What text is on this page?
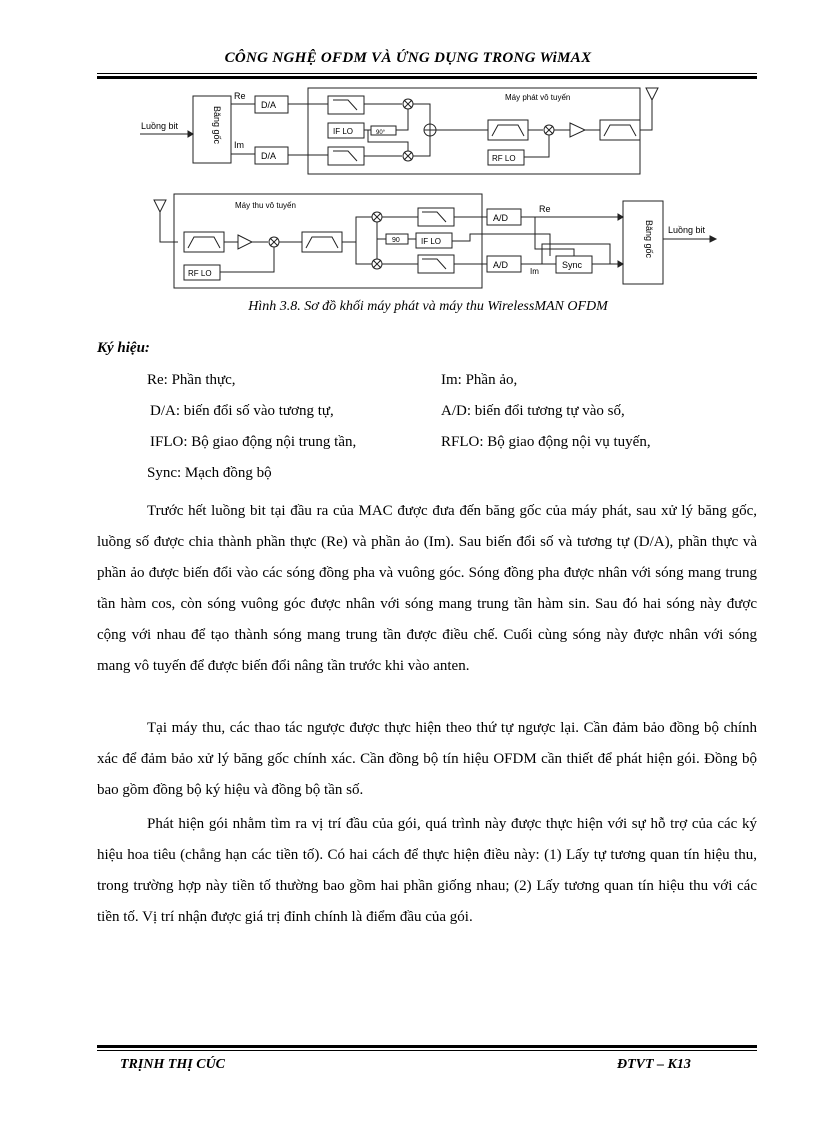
CÔNG NGHỆ OFDM VÀ ỨNG DỤNG TRONG WiMAX
Luồng bit	Băng gốc
Re
Im
D/A
D/A
Máy phát vô tuyến
IF LO	90°
RF LO
Máy thu vô tuyến
RF LO
90	IF LO
A/D
A/D
Re
Im
Sync
Băng gốc Luồng bit
Hình 3.8. Sơ đồ khối máy phát và máy thu WirelessMAN OFDM
Ký hiệu:
Re: Phần thực,	Im: Phần ảo,
D/A: biến đổi số vào tương tự,	A/D: biến đổi tương tự vào số,
IFLO: Bộ giao động nội trung tần,	RFLO: Bộ giao động nội vụ tuyến,
Sync: Mạch đồng bộ

Trước hết luồng bit tại đầu ra của MAC được đưa đến băng gốc của máy phát, sau xử lý băng gốc, luồng số được chia thành phần thực (Re) và phần ảo (Im). Sau biến đổi số và tương tự (D/A), phần thực và phần ảo được biến đổi vào các sóng đồng pha và vuông góc. Sóng đồng pha được nhân với sóng mang trung tần hàm cos, còn sóng vuông góc được nhân với sóng mang trung tần hàm sin. Sau đó hai sóng này được cộng với nhau để tạo thành sóng mang trung tần được điều chế. Cuối cùng sóng này được nhân với sóng mang vô tuyến để được biến đổi nâng tần trước khi vào anten.

Tại máy thu, các thao tác ngược được thực hiện theo thứ tự ngược lại. Cần đảm bảo đồng bộ chính xác để đảm bảo xử lý băng gốc chính xác. Cần đồng bộ tín hiệu OFDM cần thiết để phát hiện gói. Đồng bộ bao gồm đồng bộ ký hiệu và đồng bộ tần số.

Phát hiện gói nhằm tìm ra vị trí đầu của gói, quá trình này được thực hiện với sự hỗ trợ của các ký hiệu hoa tiêu (chẳng hạn các tiền tố). Có hai cách để thực hiện điều này: (1) Lấy tự tương quan tín hiệu thu, trong trường hợp này tiền tố thường bao gồm hai phần giống nhau; (2) Lấy tương quan tín hiệu thu với các tiền tố. Vị trí nhận được giá trị đỉnh chính là điểm đầu của gói.

TRỊNH THỊ CÚC	ĐTVT – K13
